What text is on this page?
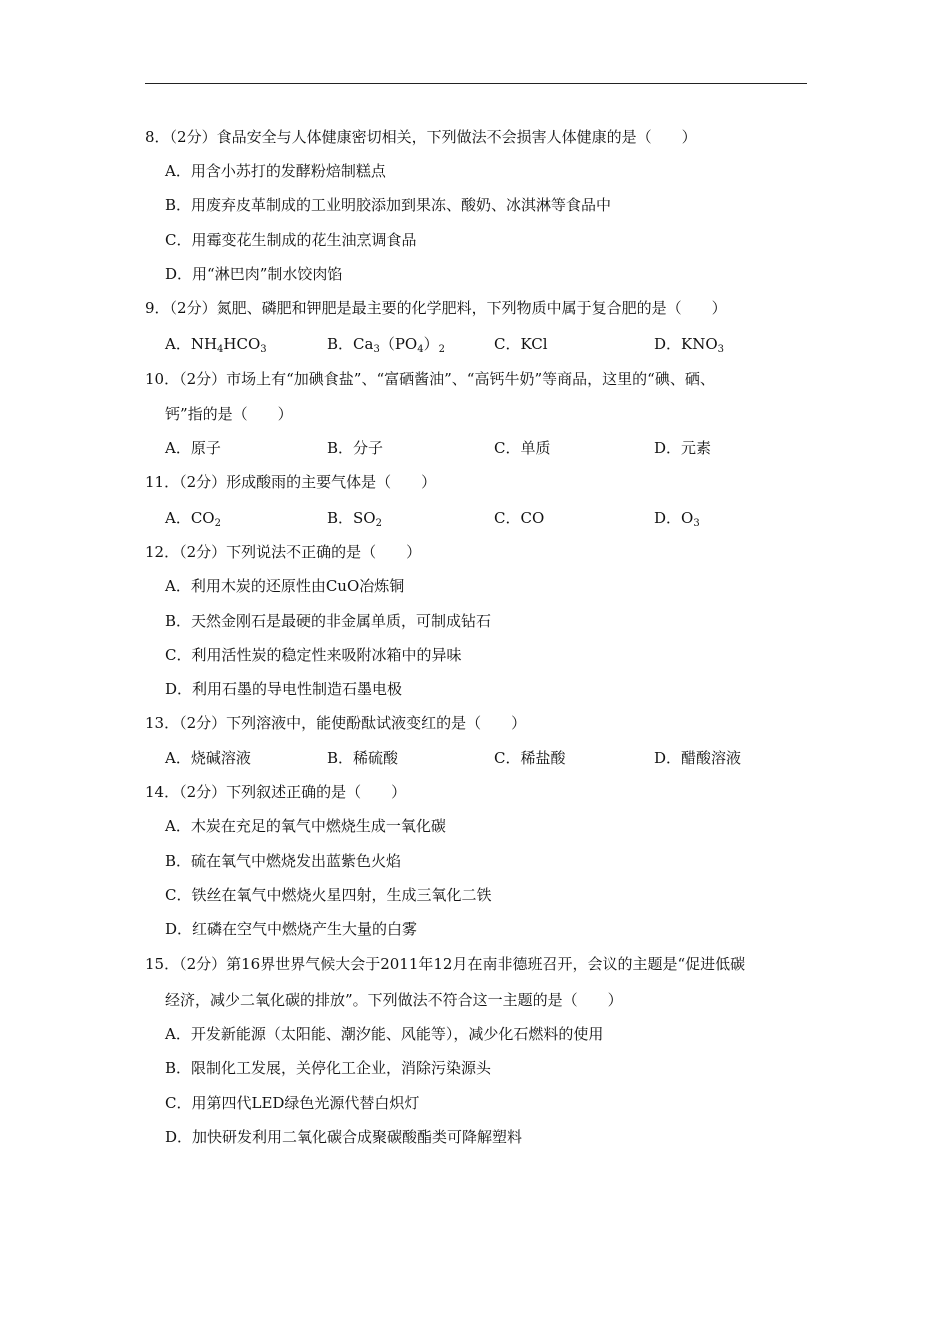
8．（2分）食品安全与人体健康密切相关，下列做法不会损害人体健康的是（　　）
A．用含小苏打的发酵粉焙制糕点
B．用废弃皮革制成的工业明胶添加到果冻、酸奶、冰淇淋等食品中
C．用霉变花生制成的花生油烹调食品
D．用“淋巴肉”制水饺肉馅
9．（2分）氮肥、磷肥和钾肥是最主要的化学肥料，下列物质中属于复合肥的是（　　）
A．$NH_4HCO_3$	B．$Ca_3(PO_4)_2$	C．KCl	D．$KNO_3$
10．（2分）市场上有“加碘食盐”、“富硒酱油”、“高钙牛奶”等商品，这里的“碘、硒、
钙”指的是（　　）
A．原子	B．分子	C．单质	D．元素
11．（2分）形成酸雨的主要气体是（　　）
A．$CO_2$	B．$SO_2$	C．CO	D．$O_3$
12．（2分）下列说法不正确的是（　　）
A．利用木炭的还原性由CuO冶炼铜
B．天然金刚石是最硬的非金属单质，可制成钻石
C．利用活性炭的稳定性来吸附冰箱中的异味
D．利用石墨的导电性制造石墨电极
13．（2分）下列溶液中，能使酚酞试液变红的是（　　）
A．烧碱溶液	B．稀硫酸	C．稀盐酸	D．醋酸溶液
14．（2分）下列叙述正确的是（　　）
A．木炭在充足的氧气中燃烧生成一氧化碳
B．硫在氧气中燃烧发出蓝紫色火焰
C．铁丝在氧气中燃烧火星四射，生成三氧化二铁
D．红磷在空气中燃烧产生大量的白雾
15．（2分）第16界世界气候大会于2011年12月在南非德班召开，会议的主题是“促进低碳
经济，减少二氧化碳的排放”。下列做法不符合这一主题的是（　　）
A．开发新能源（太阳能、潮汐能、风能等），减少化石燃料的使用
B．限制化工发展，关停化工企业，消除污染源头
C．用第四代LED绿色光源代替白炽灯
D．加快研发利用二氧化碳合成聚碳酸酯类可降解塑料
